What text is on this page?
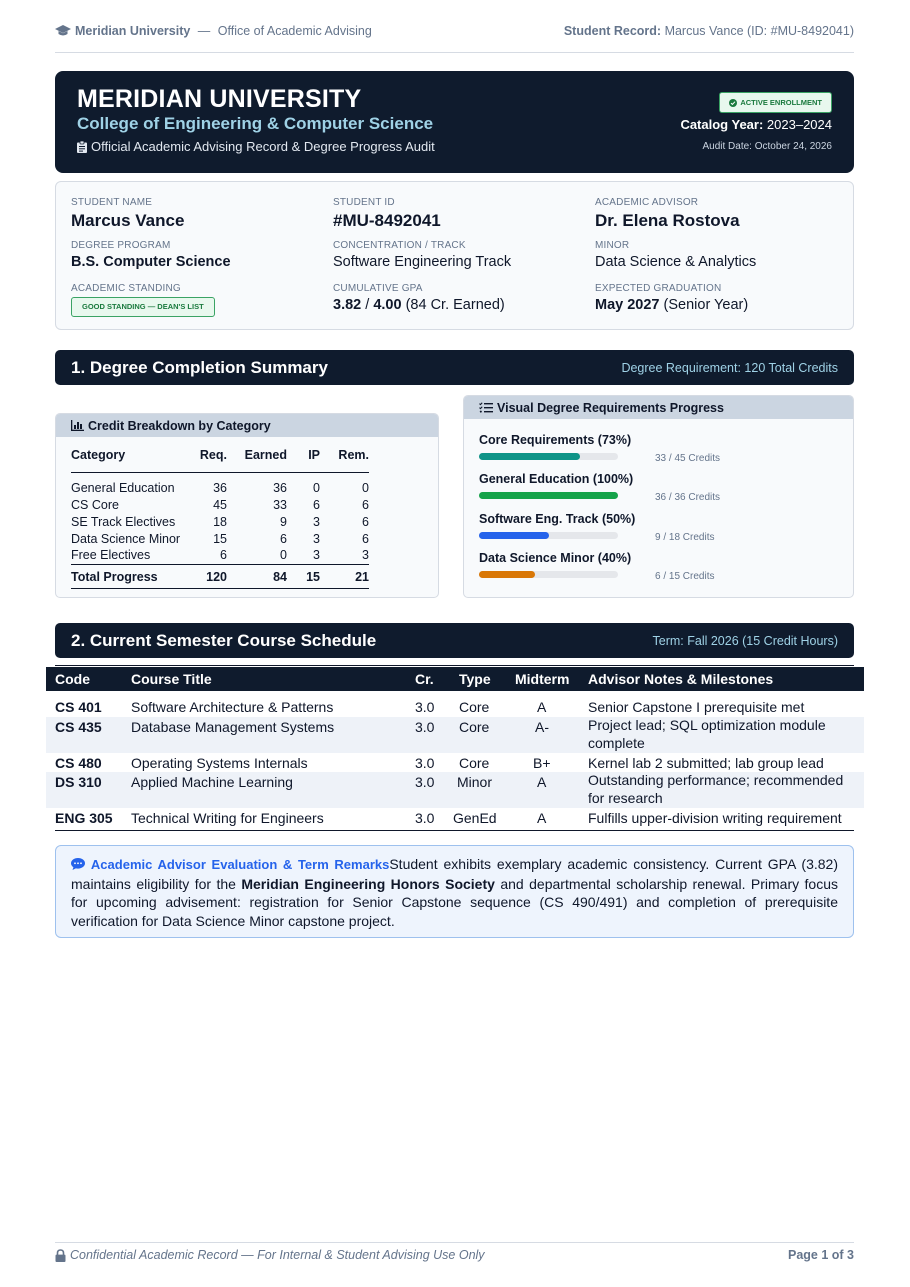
Meridian University — Office of Academic Advising	Student Record: Marcus Vance (ID: #MU-8492041)
MERIDIAN UNIVERSITY
College of Engineering & Computer Science
Official Academic Advising Record & Degree Progress Audit
ACTIVE ENROLLMENT
Catalog Year: 2023–2024
Audit Date: October 24, 2026
STUDENT NAME
Marcus Vance
STUDENT ID
#MU-8492041
ACADEMIC ADVISOR
Dr. Elena Rostova
DEGREE PROGRAM
B.S. Computer Science
CONCENTRATION / TRACK
Software Engineering Track
MINOR
Data Science & Analytics
ACADEMIC STANDING
GOOD STANDING — DEAN'S LIST
CUMULATIVE GPA
3.82 / 4.00 (84 Cr. Earned)
EXPECTED GRADUATION
May 2027 (Senior Year)
1. Degree Completion Summary	Degree Requirement: 120 Total Credits
Credit Breakdown by Category
Category	Req.	Earned	IP	Rem.
General Education	36	36	0	0
CS Core	45	33	6	6
SE Track Electives	18	9	3	6
Data Science Minor	15	6	3	6
Free Electives	6	0	3	3
Total Progress	120	84	15	21
Visual Degree Requirements Progress
Core Requirements (73%)
33 / 45 Credits
General Education (100%)
36 / 36 Credits
Software Eng. Track (50%)
9 / 18 Credits
Data Science Minor (40%)
6 / 15 Credits
2. Current Semester Course Schedule	Term: Fall 2026 (15 Credit Hours)
Code	Course Title	Cr. Type Midterm Advisor Notes & Milestones
CS 401 Software Architecture & Patterns	3.0 Core	A	Senior Capstone I prerequisite met
CS 435 Database Management Systems	3.0 Core	A-	Project lead; SQL optimization module complete
CS 480 Operating Systems Internals	3.0 Core	B+	Kernel lab 2 submitted; lab group lead
DS 310 Applied Machine Learning	3.0 Minor	A	Outstanding performance; recommended for research
ENG 305 Technical Writing for Engineers	3.0 GenEd	A	Fulfills upper-division writing requirement
Academic Advisor Evaluation & Term RemarksStudent exhibits exemplary academic consistency. Current GPA (3.82) maintains eligibility for the Meridian Engineering Honors Society and departmental scholarship renewal. Primary focus for upcoming advisement: registration for Senior Capstone sequence (CS 490/491) and completion of prerequisite verification for Data Science Minor capstone project.
Confidential Academic Record — For Internal & Student Advising Use Only	Page 1 of 3
